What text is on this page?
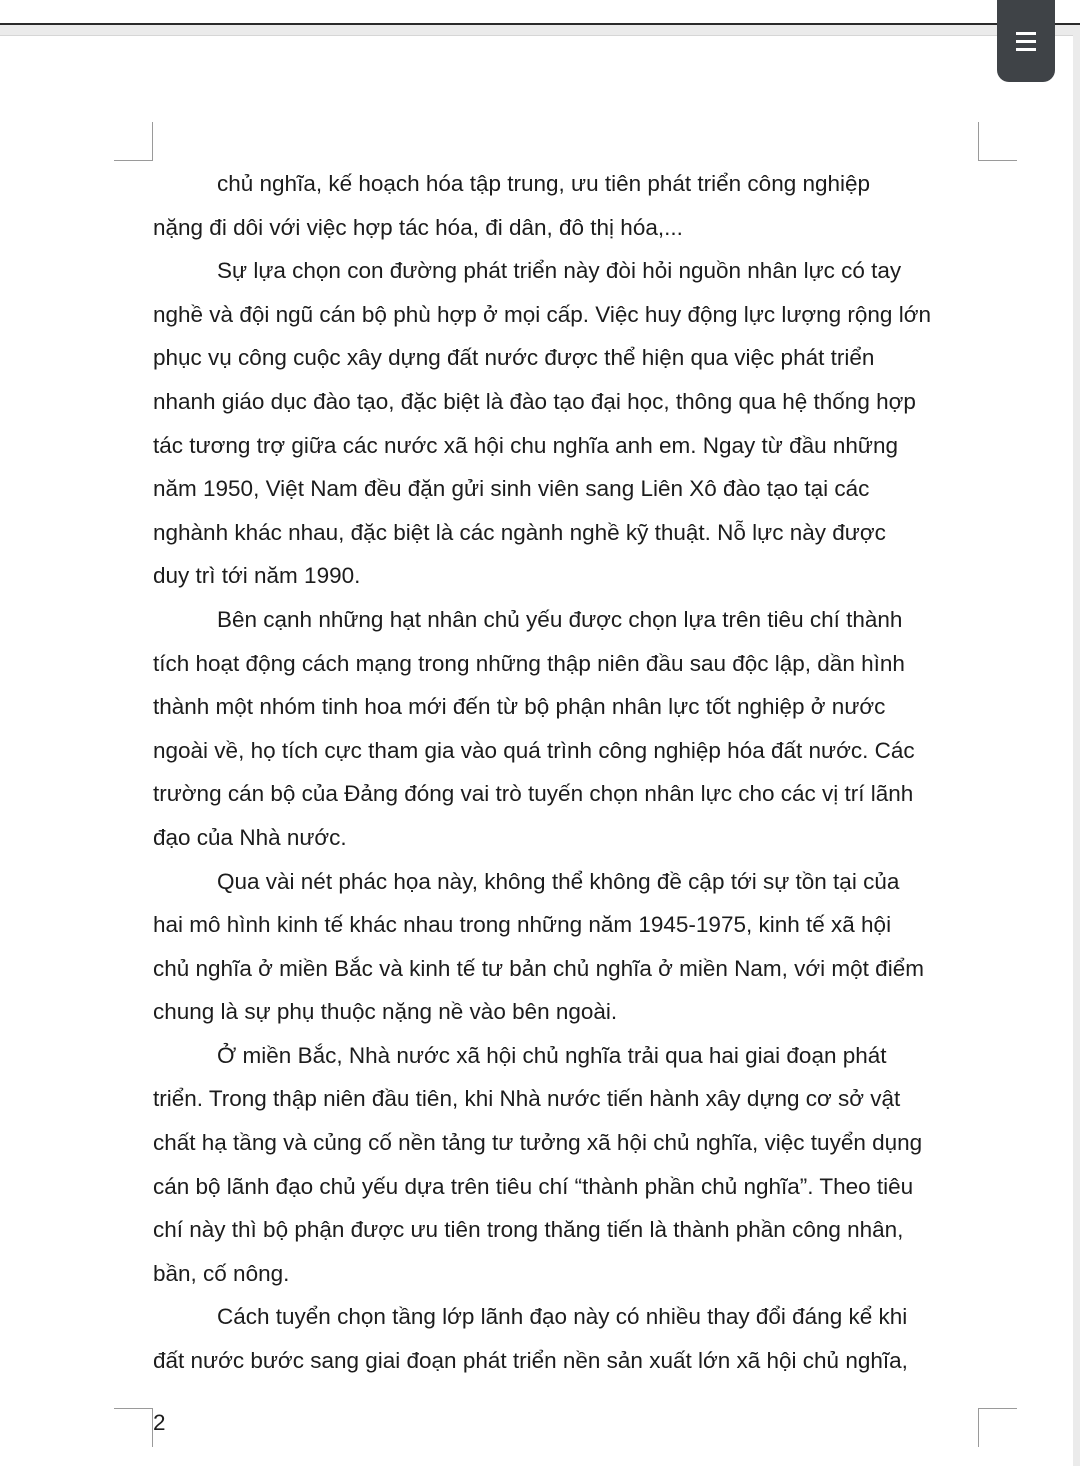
chủ nghĩa, kế hoạch hóa tập trung, ưu tiên phát triển công nghiệp
nặng đi dôi với việc hợp tác hóa, đi dân, đô thị hóa,...
Sự lựa chọn con đường phát triển này đòi hỏi nguồn nhân lực có tay
nghề và đội ngũ cán bộ phù hợp ở mọi cấp. Việc huy động lực lượng rộng lớn
phục vụ công cuộc xây dựng đất nước được thể hiện qua việc phát triển
nhanh giáo dục đào tạo, đặc biệt là đào tạo đại học, thông qua hệ thống hợp
tác tương trợ giữa các nước xã hội chu nghĩa anh em. Ngay từ đầu những
năm 1950, Việt Nam đều đặn gửi sinh viên sang Liên Xô đào tạo tại các
nghành khác nhau, đặc biệt là các ngành nghề kỹ thuật. Nỗ lực này được
duy trì tới năm 1990.
Bên cạnh những hạt nhân chủ yếu được chọn lựa trên tiêu chí thành
tích hoạt động cách mạng trong những thập niên đầu sau độc lập, dần hình
thành một nhóm tinh hoa mới đến từ bộ phận nhân lực tốt nghiệp ở nước
ngoài về, họ tích cực tham gia vào quá trình công nghiệp hóa đất nước. Các
trường cán bộ của Đảng đóng vai trò tuyến chọn nhân lực cho các vị trí lãnh
đạo của Nhà nước.
Qua vài nét phác họa này, không thể không đề cập tới sự tồn tại của
hai mô hình kinh tế khác nhau trong những năm 1945-1975, kinh tế xã hội
chủ nghĩa ở miền Bắc và kinh tế tư bản chủ nghĩa ở miền Nam, với một điểm
chung là sự phụ thuộc nặng nề vào bên ngoài.
Ở miền Bắc, Nhà nước xã hội chủ nghĩa trải qua hai giai đoạn phát
triển. Trong thập niên đầu tiên, khi Nhà nước tiến hành xây dựng cơ sở vật
chất hạ tầng và củng cố nền tảng tư tưởng xã hội chủ nghĩa, việc tuyển dụng
cán bộ lãnh đạo chủ yếu dựa trên tiêu chí “thành phần chủ nghĩa”. Theo tiêu
chí này thì bộ phận được ưu tiên trong thăng tiến là thành phần công nhân,
bần, cố nông.
Cách tuyển chọn tầng lớp lãnh đạo này có nhiều thay đổi đáng kể khi
đất nước bước sang giai đoạn phát triển nền sản xuất lớn xã hội chủ nghĩa,
2
